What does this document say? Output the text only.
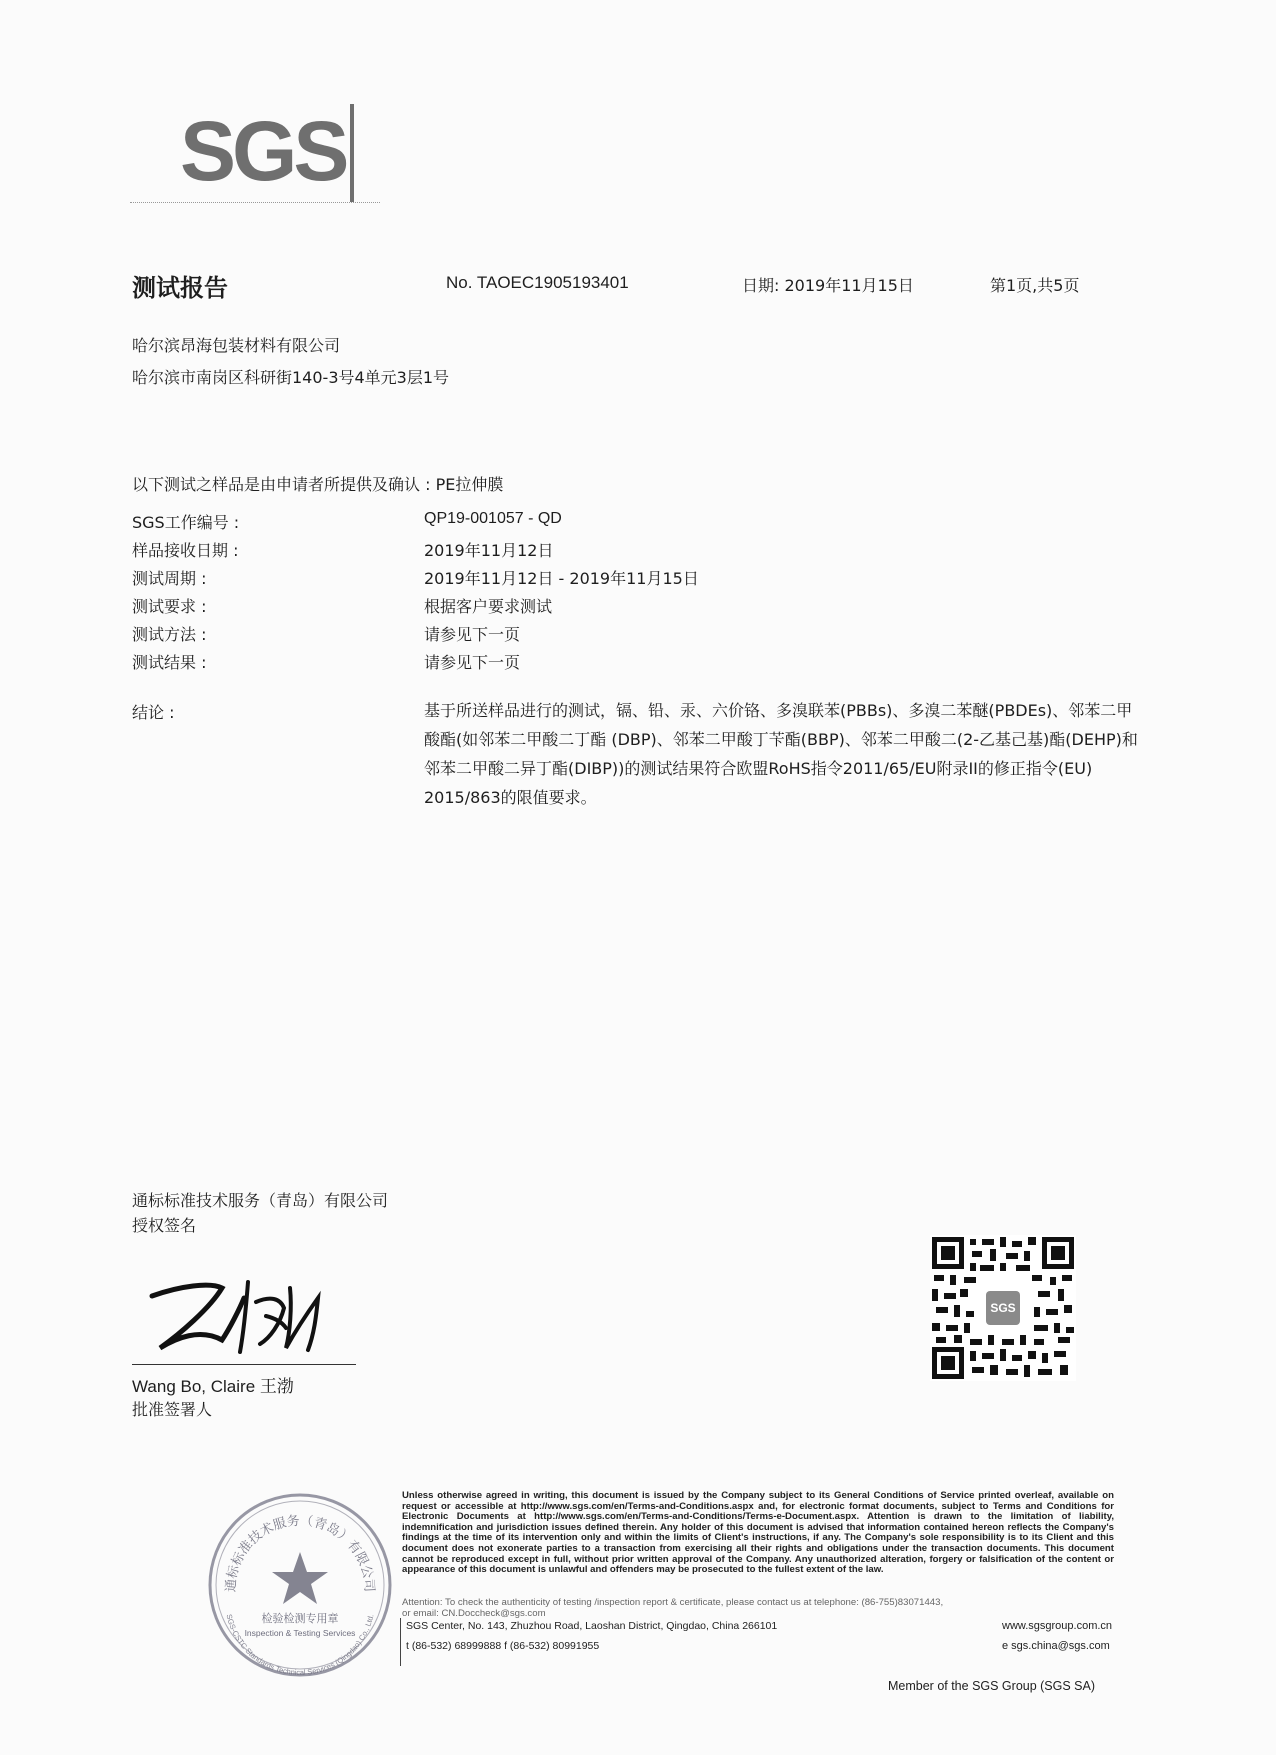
SGS
测试报告	No. TAOEC1905193401	日期: 2019年11月15日	第1页,共5页
哈尔滨昂海包装材料有限公司
哈尔滨市南岗区科研街140-3号4单元3层1号
以下测试之样品是由申请者所提供及确认 : PE拉伸膜
SGS工作编号 :	QP19-001057 - QD
样品接收日期 :	2019年11月12日
测试周期 :	2019年11月12日 - 2019年11月15日
测试要求 :	根据客户要求测试
测试方法 :	请参见下一页
测试结果 :	请参见下一页
结论 :	基于所送样品进行的测试，镉、铅、汞、六价铬、多溴联苯(PBBs)、多溴二苯醚(PBDEs)、邻苯二甲酸酯(如邻苯二甲酸二丁酯 (DBP)、邻苯二甲酸丁苄酯(BBP)、邻苯二甲酸二(2-乙基己基)酯(DEHP)和邻苯二甲酸二异丁酯(DIBP))的测试结果符合欧盟RoHS指令2011/65/EU附录II的修正指令(EU) 2015/863的限值要求。
通标标准技术服务（青岛）有限公司
授权签名
Wang Bo, Claire 王渤
批准签署人
SGS
通标标准技术服务（青岛）有限公司
检验检测专用章
Inspection & Testing Services
SGS-CSTC Standards Technical Services (Qingdao) Co., Ltd.
Unless otherwise agreed in writing, this document is issued by the Company subject to its General Conditions of Service printed overleaf, available on request or accessible at http://www.sgs.com/en/Terms-and-Conditions.aspx and, for electronic format documents, subject to Terms and Conditions for Electronic Documents at http://www.sgs.com/en/Terms-and-Conditions/Terms-e-Document.aspx. Attention is drawn to the limitation of liability, indemnification and jurisdiction issues defined therein. Any holder of this document is advised that information contained hereon reflects the Company's findings at the time of its intervention only and within the limits of Client's instructions, if any. The Company's sole responsibility is to its Client and this document does not exonerate parties to a transaction from exercising all their rights and obligations under the transaction documents. This document cannot be reproduced except in full, without prior written approval of the Company. Any unauthorized alteration, forgery or falsification of the content or appearance of this document is unlawful and offenders may be prosecuted to the fullest extent of the law.
Attention: To check the authenticity of testing /inspection report & certificate, please contact us at telephone: (86-755)83071443,
or email: CN.Doccheck@sgs.com
SGS Center, No. 143, Zhuzhou Road, Laoshan District, Qingdao, China 266101
t (86-532) 68999888 f (86-532) 80991955
www.sgsgroup.com.cn
e sgs.china@sgs.com
Member of the SGS Group (SGS SA)
